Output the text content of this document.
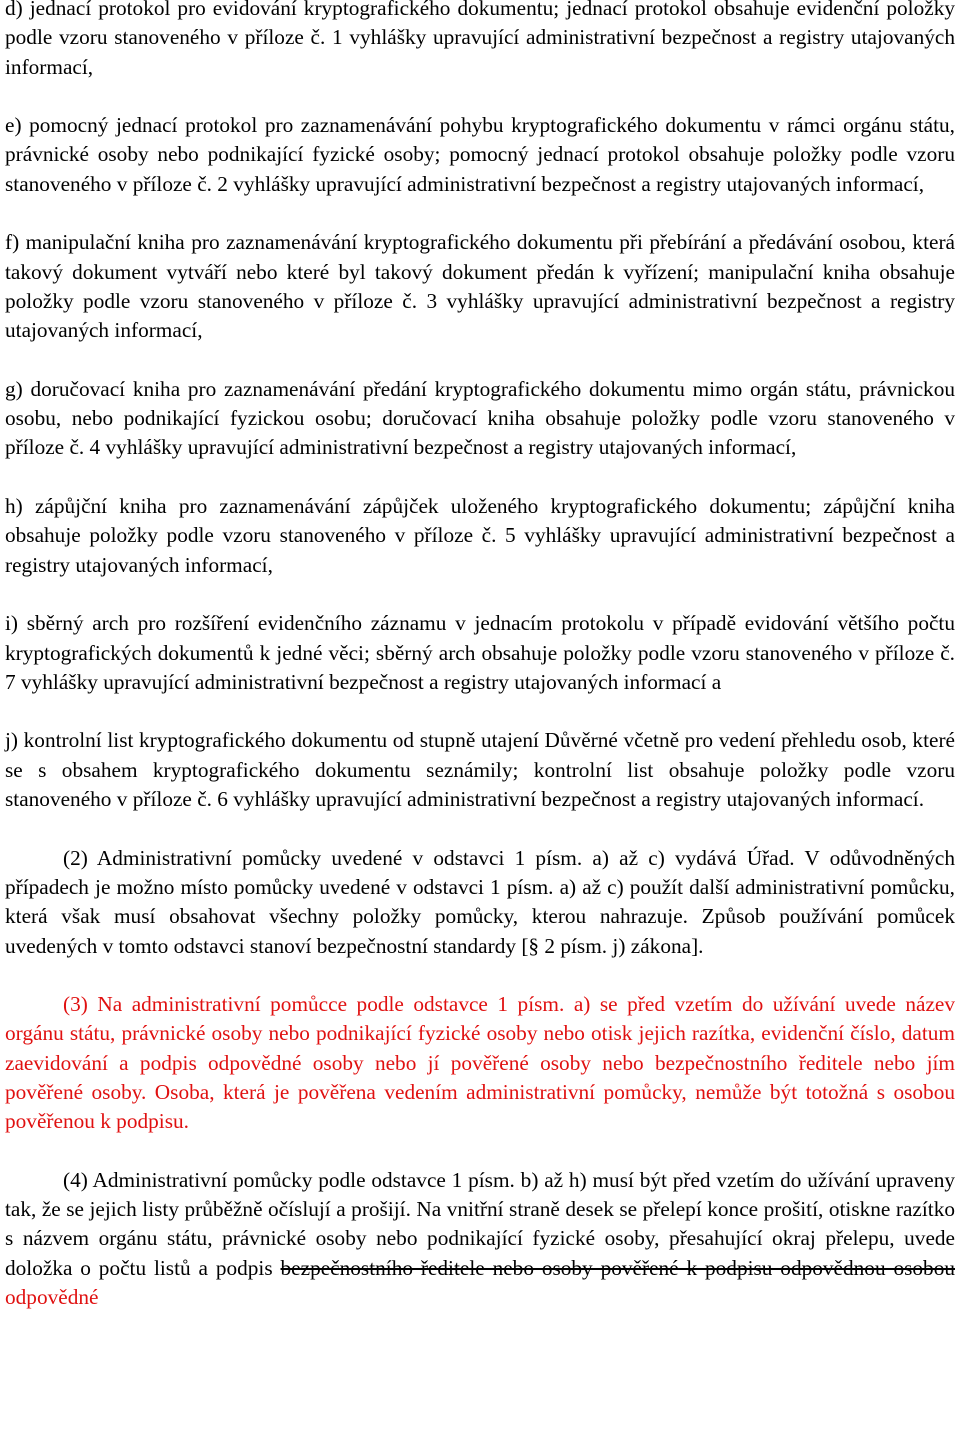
d) jednací protokol pro evidování kryptografického dokumentu; jednací protokol obsahuje evidenční položky podle vzoru stanoveného v příloze č. 1 vyhlášky upravující administrativní bezpečnost a registry utajovaných informací,

e) pomocný jednací protokol pro zaznamenávání pohybu kryptografického dokumentu v rámci orgánu státu, právnické osoby nebo podnikající fyzické osoby; pomocný jednací protokol obsahuje položky podle vzoru stanoveného v příloze č. 2 vyhlášky upravující administrativní bezpečnost a registry utajovaných informací,

f) manipulační kniha pro zaznamenávání kryptografického dokumentu při přebírání a předávání osobou, která takový dokument vytváří nebo které byl takový dokument předán k vyřízení; manipulační kniha obsahuje položky podle vzoru stanoveného v příloze č. 3 vyhlášky upravující administrativní bezpečnost a registry utajovaných informací,

g) doručovací kniha pro zaznamenávání předání kryptografického dokumentu mimo orgán státu, právnickou osobu, nebo podnikající fyzickou osobu; doručovací kniha obsahuje položky podle vzoru stanoveného v příloze č. 4 vyhlášky upravující administrativní bezpečnost a registry utajovaných informací,

h) zápůjční kniha pro zaznamenávání zápůjček uloženého kryptografického dokumentu; zápůjční kniha obsahuje položky podle vzoru stanoveného v příloze č. 5 vyhlášky upravující administrativní bezpečnost a registry utajovaných informací,

i) sběrný arch pro rozšíření evidenčního záznamu v jednacím protokolu v případě evidování většího počtu kryptografických dokumentů k jedné věci; sběrný arch obsahuje položky podle vzoru stanoveného v příloze č. 7 vyhlášky upravující administrativní bezpečnost a registry utajovaných informací a

j) kontrolní list kryptografického dokumentu od stupně utajení Důvěrné včetně pro vedení přehledu osob, které se s obsahem kryptografického dokumentu seznámily; kontrolní list obsahuje položky podle vzoru stanoveného v příloze č. 6 vyhlášky upravující administrativní bezpečnost a registry utajovaných informací.

(2) Administrativní pomůcky uvedené v odstavci 1 písm. a) až c) vydává Úřad. V odůvodněných případech je možno místo pomůcky uvedené v odstavci 1 písm. a) až c) použít další administrativní pomůcku, která však musí obsahovat všechny položky pomůcky, kterou nahrazuje. Způsob používání pomůcek uvedených v tomto odstavci stanoví bezpečnostní standardy [§ 2 písm. j) zákona].

(3) Na administrativní pomůcce podle odstavce 1 písm. a) se před vzetím do užívání uvede název orgánu státu, právnické osoby nebo podnikající fyzické osoby nebo otisk jejich razítka, evidenční číslo, datum zaevidování a podpis odpovědné osoby nebo jí pověřené osoby nebo bezpečnostního ředitele nebo jím pověřené osoby. Osoba, která je pověřena vedením administrativní pomůcky, nemůže být totožná s osobou pověřenou k podpisu.

(4) Administrativní pomůcky podle odstavce 1 písm. b) až h) musí být před vzetím do užívání upraveny tak, že se jejich listy průběžně očíslují a prošijí. Na vnitřní straně desek se přelepí konce prošití, otiskne razítko s názvem orgánu státu, právnické osoby nebo podnikající fyzické osoby, přesahující okraj přelepu, uvede doložka o počtu listů a podpis bezpečnostního ředitele nebo osoby pověřené k podpisu odpovědnou osobou odpovědné
